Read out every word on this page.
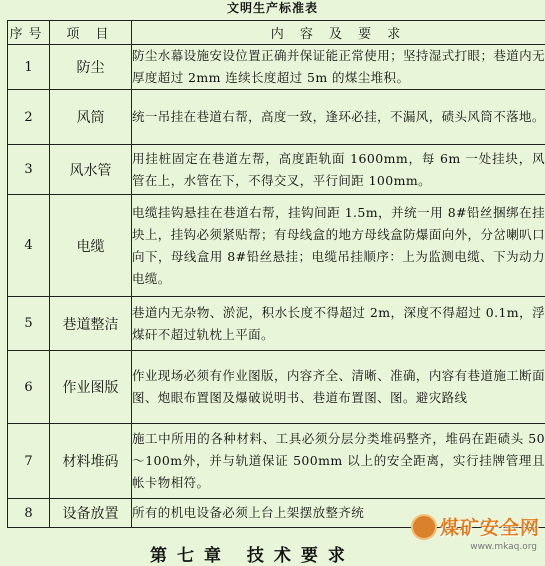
文明生产标准表
序号	项 目	内 容 及 要 求
1	防尘	防尘水幕设施安设位置正确并保证能正常使用；坚持湿式打眼；巷道内无厚度超过 2mm 连续长度超过 5m 的煤尘堆积。
2	风筒	统一吊挂在巷道右帮，高度一致，逢环必挂，不漏风，碛头风筒不落地。
3	风水管	用挂桩固定在巷道左帮，高度距轨面 1600mm，每 6m 一处挂块，风管在上，水管在下，不得交叉，平行间距 100mm。
4	电缆	电缆挂钩悬挂在巷道右帮，挂钩间距 1.5m，并统一用 8#铅丝捆绑在挂块上，挂钩必须紧贴帮；有母线盒的地方母线盒防爆面向外，分岔喇叭口向下，母线盒用 8#铅丝悬挂；电缆吊挂顺序：上为监测电缆、下为动力电缆。
5	巷道整洁	巷道内无杂物、淤泥，积水长度不得超过 2m，深度不得超过 0.1m，浮煤矸不超过轨枕上平面。
6	作业图版	作业现场必须有作业图版，内容齐全、清晰、准确，内容有巷道施工断面图、炮眼布置图及爆破说明书、巷道布置图、图。避灾路线
7	材料堆码	施工中所用的各种材料、工具必须分层分类堆码整齐，堆码在距碛头 50～100m外，并与轨道保证 500mm 以上的安全距离，实行挂牌管理且帐卡物相符。
8	设备放置	所有的机电设备必须上台上架摆放整齐统
第七章 技术要求
煤矿安全网
www.mkaq.org
